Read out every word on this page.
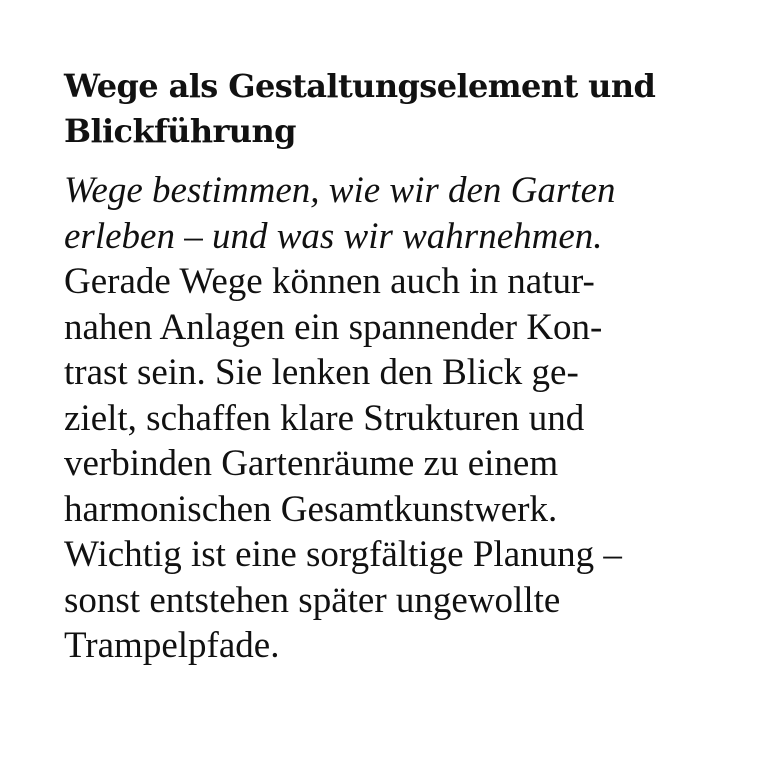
Wege als Gestaltungselement und
Blickführung

Wege bestimmen, wie wir den Garten
erleben – und was wir wahrnehmen.
Gerade Wege können auch in natur-
nahen Anlagen ein spannender Kon-
trast sein. Sie lenken den Blick ge-
zielt, schaffen klare Strukturen und
verbinden Gartenräume zu einem
harmonischen Gesamtkunstwerk.
Wichtig ist eine sorgfältige Planung –
sonst entstehen später ungewollte
Trampelpfade.
